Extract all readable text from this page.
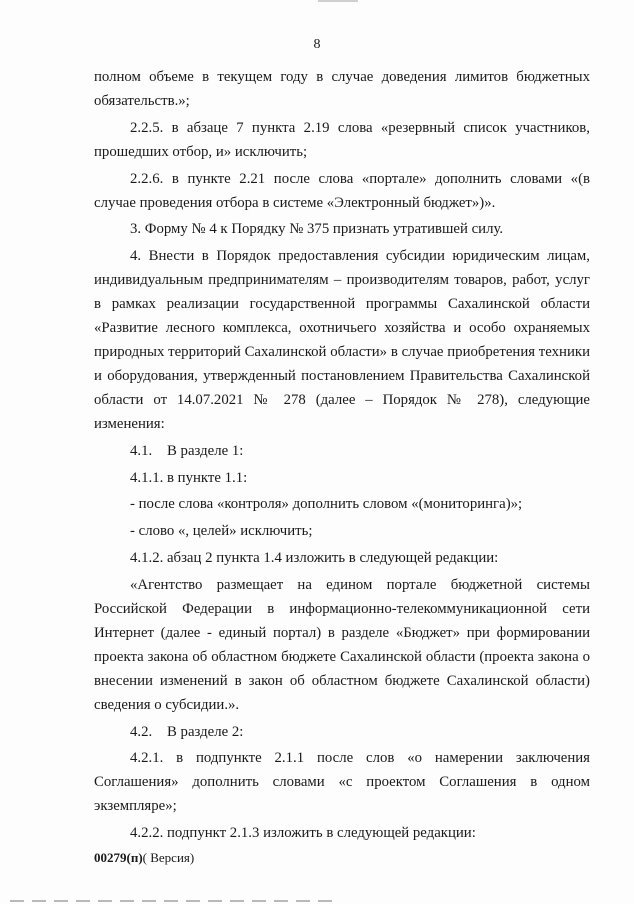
8

полном объеме в текущем году в случае доведения лимитов бюджетных обязательств.»;

2.2.5. в абзаце 7 пункта 2.19 слова «резервный список участников, прошедших отбор, и» исключить;

2.2.6. в пункте 2.21 после слова «портале» дополнить словами «(в случае проведения отбора в системе «Электронный бюджет»)».

3. Форму № 4 к Порядку № 375 признать утратившей силу.

4. Внести в Порядок предоставления субсидии юридическим лицам, индивидуальным предпринимателям – производителям товаров, работ, услуг в рамках реализации государственной программы Сахалинской области «Развитие лесного комплекса, охотничьего хозяйства и особо охраняемых природных территорий Сахалинской области» в случае приобретения техники и оборудования, утвержденный постановлением Правительства Сахалинской области от 14.07.2021 № 278 (далее – Порядок № 278), следующие изменения:

4.1.    В разделе 1:

4.1.1. в пункте 1.1:

- после слова «контроля» дополнить словом «(мониторинга)»;

- слово «, целей» исключить;

4.1.2. абзац 2 пункта 1.4 изложить в следующей редакции:

«Агентство размещает на едином портале бюджетной системы Российской Федерации в информационно-телекоммуникационной сети Интернет (далее - единый портал) в разделе «Бюджет» при формировании проекта закона об областном бюджете Сахалинской области (проекта закона о внесении изменений в закон об областном бюджете Сахалинской области) сведения о субсидии.».

4.2.    В разделе 2:

4.2.1. в подпункте 2.1.1 после слов «о намерении заключения Соглашения» дополнить словами «с проектом Соглашения в одном экземпляре»;

4.2.2. подпункт 2.1.3 изложить в следующей редакции:

00279(п)( Версия)
